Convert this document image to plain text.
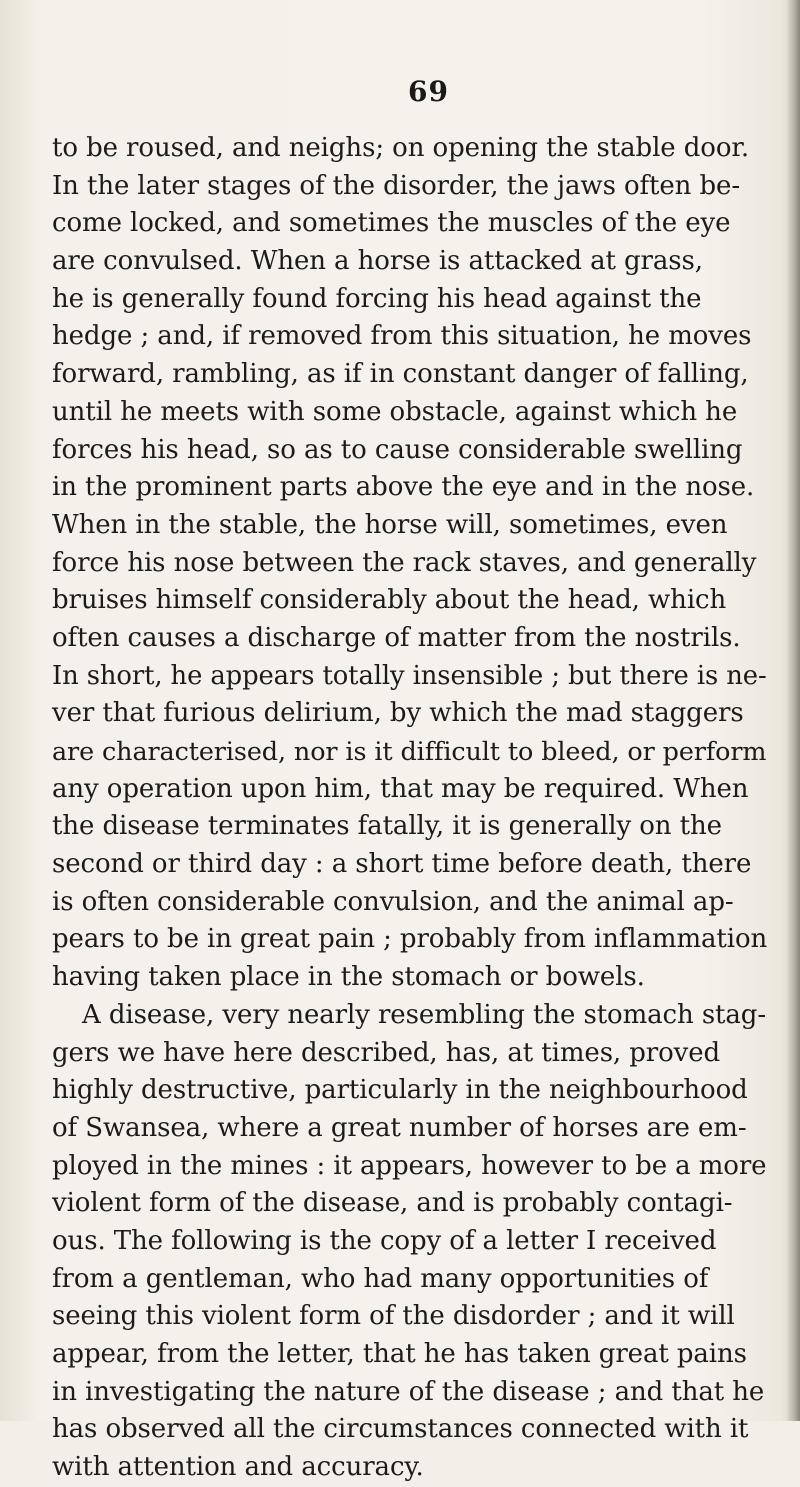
69
to be roused, and neighs; on opening the stable door.
In the later stages of the disorder, the jaws often be-
come locked, and sometimes the muscles of the eye
are convulsed. When a horse is attacked at grass,
he is generally found forcing his head against the
hedge ; and, if removed from this situation, he moves
forward, rambling, as if in constant danger of falling,
until he meets with some obstacle, against which he
forces his head, so as to cause considerable swelling
in the prominent parts above the eye and in the nose.
When in the stable, the horse will, sometimes, even
force his nose between the rack staves, and generally
bruises himself considerably about the head, which
often causes a discharge of matter from the nostrils.
In short, he appears totally insensible ; but there is ne-
ver that furious delirium, by which the mad staggers
are characterised, nor is it difficult to bleed, or perform
any operation upon him, that may be required. When
the disease terminates fatally, it is generally on the
second or third day : a short time before death, there
is often considerable convulsion, and the animal ap-
pears to be in great pain ; probably from inflammation
having taken place in the stomach or bowels.
A disease, very nearly resembling the stomach stag-
gers we have here described, has, at times, proved
highly destructive, particularly in the neighbourhood
of Swansea, where a great number of horses are em-
ployed in the mines : it appears, however to be a more
violent form of the disease, and is probably contagi-
ous. The following is the copy of a letter I received
from a gentleman, who had many opportunities of
seeing this violent form of the disdorder ; and it will
appear, from the letter, that he has taken great pains
in investigating the nature of the disease ; and that he
has observed all the circumstances connected with it
with attention and accuracy.
